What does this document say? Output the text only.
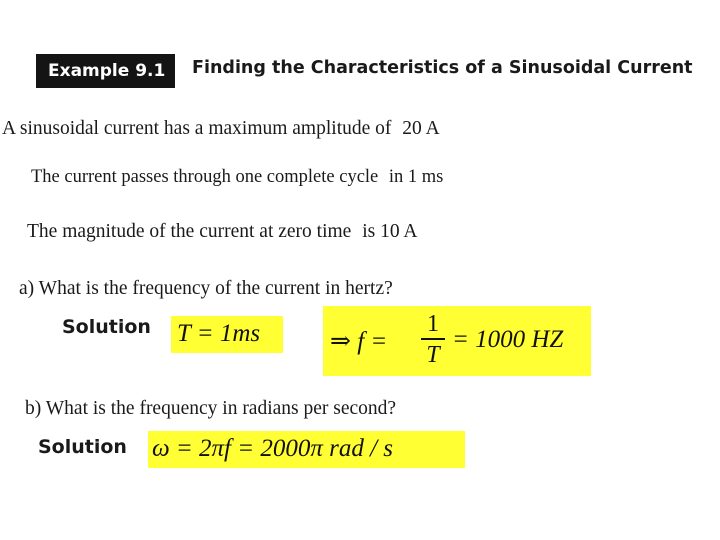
Example 9.1	Finding the Characteristics of a Sinusoidal Current
A sinusoidal current has a maximum amplitude of 20 A
The current passes through one complete cycle in 1 ms
The magnitude of the current at zero time is 10 A
a) What is the frequency of the current in hertz?
Solution T = 1ms	⇒ f =
1
T
= 1000 HZ
b) What is the frequency in radians per second?
Solution ω = 2πf = 2000π rad / s
